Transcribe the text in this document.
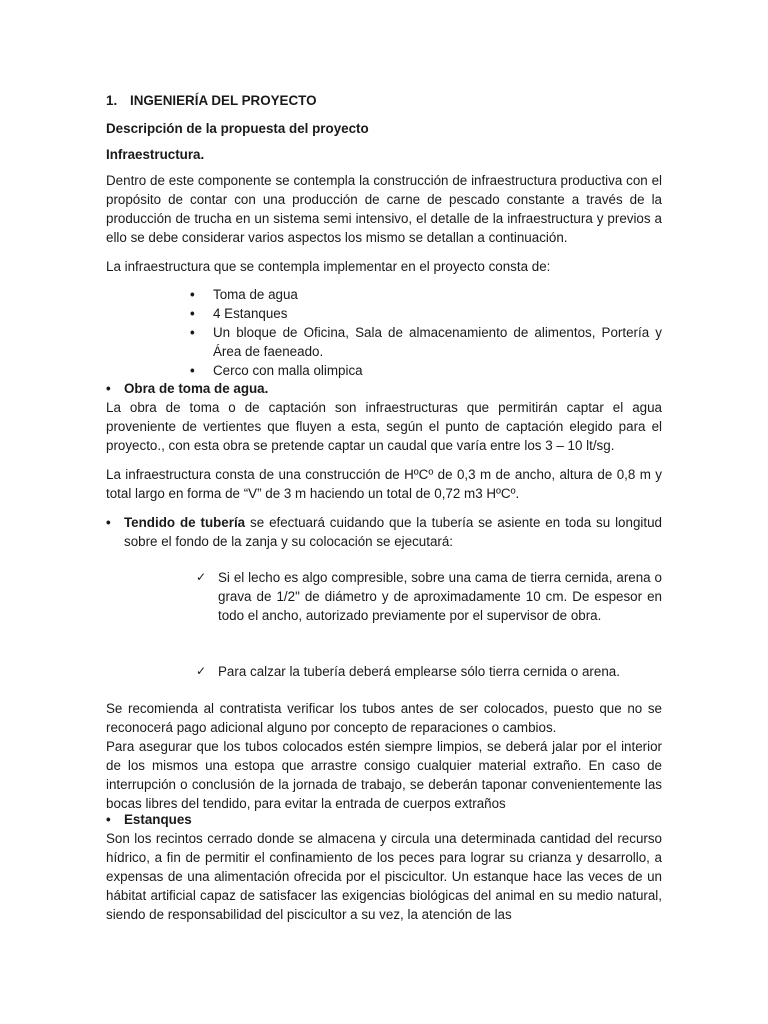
1. INGENIERÍA DEL PROYECTO

Descripción de la propuesta del proyecto

Infraestructura.

Dentro de este componente se contempla la construcción de infraestructura productiva con el propósito de contar con una producción de carne de pescado constante a través de la producción de trucha en un sistema semi intensivo, el detalle de la infraestructura y previos a ello se debe considerar varios aspectos los mismo se detallan a continuación.

La infraestructura que se contempla implementar en el proyecto consta de:

• Toma de agua
• 4 Estanques
• Un bloque de Oficina, Sala de almacenamiento de alimentos, Portería y Área de faeneado.
• Cerco con malla olimpica
• Obra de toma de agua.

La obra de toma o de captación son infraestructuras que permitirán captar el agua proveniente de vertientes que fluyen a esta, según el punto de captación elegido para el proyecto., con esta obra se pretende captar un caudal que varía entre los 3 – 10 lt/sg.

La infraestructura consta de una construcción de HºCº de 0,3 m de ancho, altura de 0,8 m y total largo en forma de “V” de 3 m haciendo un total de 0,72 m3 HºCº.

• Tendido de tubería se efectuará cuidando que la tubería se asiente en toda su longitud sobre el fondo de la zanja y su colocación se ejecutará:
✓ Si el lecho es algo compresible, sobre una cama de tierra cernida, arena o grava de 1/2" de diámetro y de aproximadamente 10 cm. De espesor en todo el ancho, autorizado previamente por el supervisor de obra.
✓ Para calzar la tubería deberá emplearse sólo tierra cernida o arena.

Se recomienda al contratista verificar los tubos antes de ser colocados, puesto que no se reconocerá pago adicional alguno por concepto de reparaciones o cambios.

Para asegurar que los tubos colocados estén siempre limpios, se deberá jalar por el interior de los mismos una estopa que arrastre consigo cualquier material extraño. En caso de interrupción o conclusión de la jornada de trabajo, se deberán taponar convenientemente las bocas libres del tendido, para evitar la entrada de cuerpos extraños

• Estanques

Son los recintos cerrado donde se almacena y circula una determinada cantidad del recurso hídrico, a fin de permitir el confinamiento de los peces para lograr su crianza y desarrollo, a expensas de una alimentación ofrecida por el piscicultor. Un estanque hace las veces de un hábitat artificial capaz de satisfacer las exigencias biológicas del animal en su medio natural, siendo de responsabilidad del piscicultor a su vez, la atención de las
